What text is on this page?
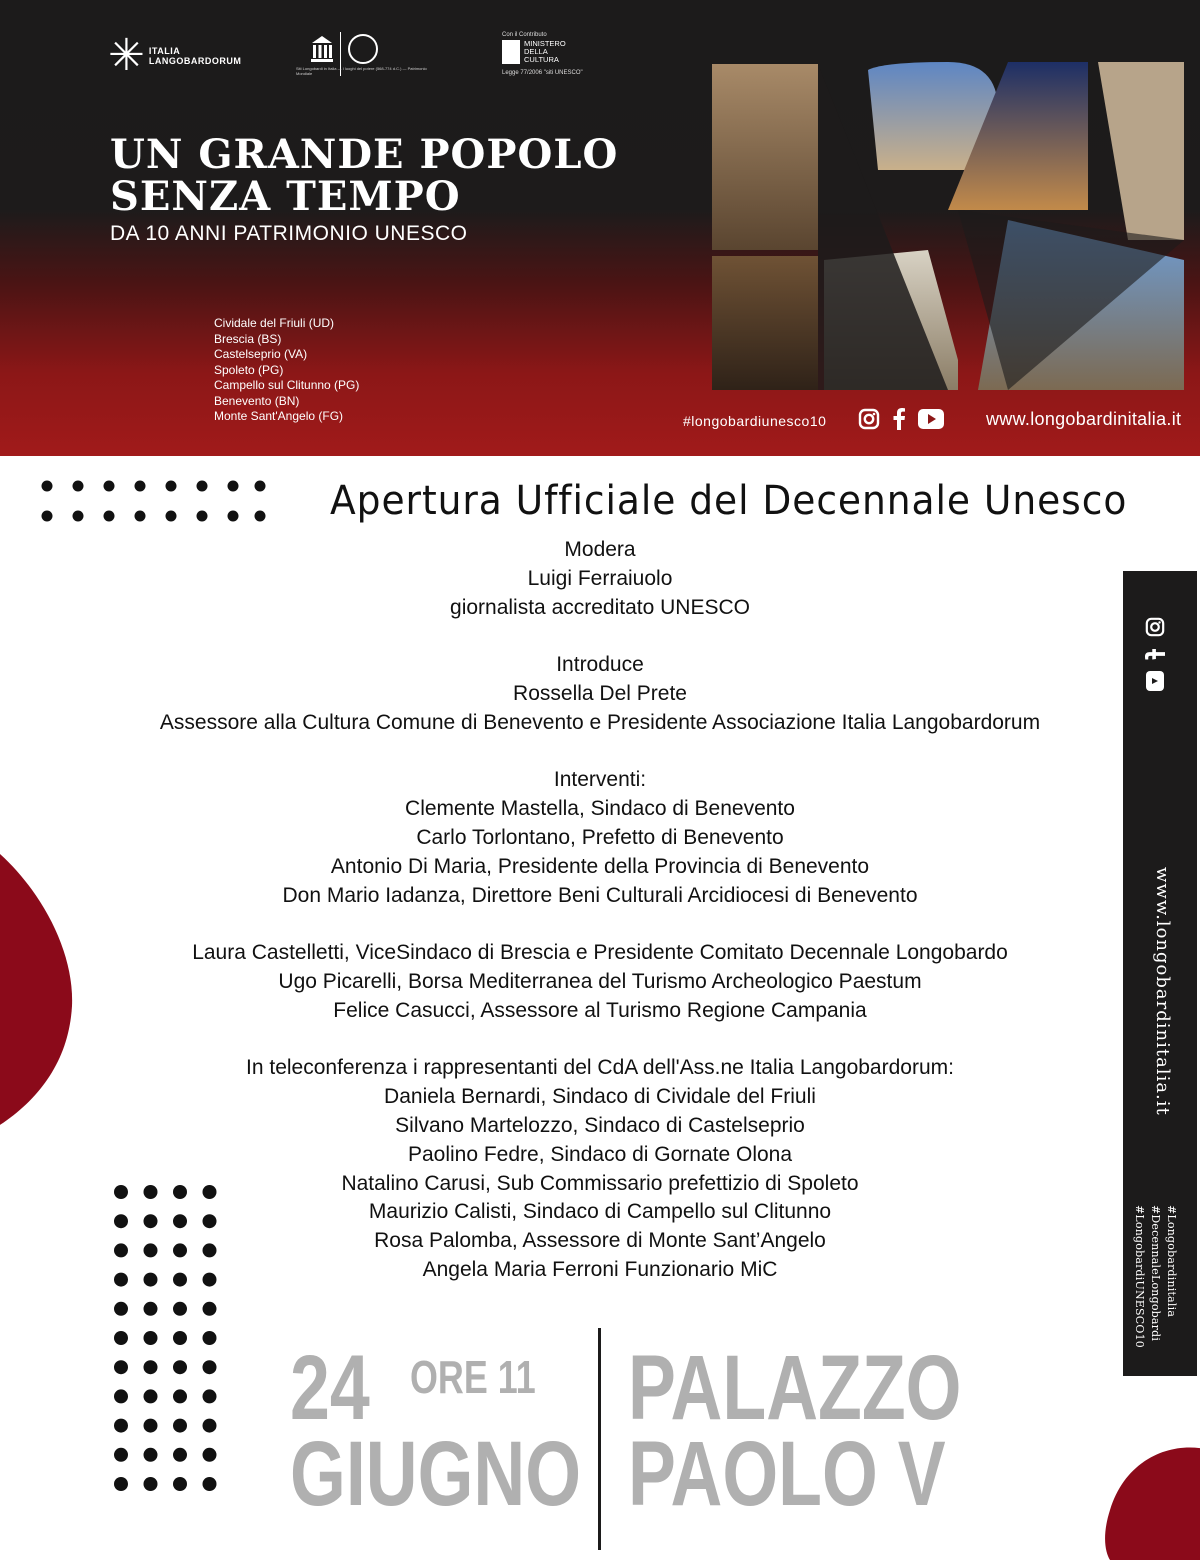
✳ ITALIA
LANGOBARDORUM
Siti Longobardi in Italia — I luoghi del potere (568-774 d.C.) — Patrimonio Mondiale
Con il Contributo
MINISTERO
DELLA
CULTURA
Legge 77/2006 "siti UNESCO"
UN GRANDE POPOLO
SENZA TEMPO
DA 10 ANNI PATRIMONIO UNESCO
Cividale del Friuli (UD)
Brescia (BS)
Castelseprio (VA)
Spoleto (PG)
Campello sul Clitunno (PG)
Benevento (BN)
Monte Sant'Angelo (FG)	#longobardiunesco10	www.longobardinitalia.it
Apertura Ufficiale del Decennale Unesco
Modera
Luigi Ferraiuolo
giornalista accreditato UNESCO
Introduce
Rossella Del Prete
Assessore alla Cultura Comune di Benevento e Presidente Associazione Italia Langobardorum
Interventi:
Clemente Mastella, Sindaco di Benevento
Carlo Torlontano, Prefetto di Benevento
Antonio Di Maria, Presidente della Provincia di Benevento
Don Mario Iadanza, Direttore Beni Culturali Arcidiocesi di Benevento
Laura Castelletti, ViceSindaco di Brescia e Presidente Comitato Decennale Longobardo
Ugo Picarelli, Borsa Mediterranea del Turismo Archeologico Paestum
Felice Casucci, Assessore al Turismo Regione Campania
In teleconferenza i rappresentanti del CdA dell'Ass.ne Italia Langobardorum:
Daniela Bernardi, Sindaco di Cividale del Friuli
Silvano Martelozzo, Sindaco di Castelseprio
Paolino Fedre, Sindaco di Gornate Olona
Natalino Carusi, Sub Commissario prefettizio di Spoleto
Maurizio Calisti, Sindaco di Campello sul Clitunno
Rosa Palomba, Assessore di Monte Sant’Angelo
Angela Maria Ferroni Funzionario MiC
www.longobardinitalia.it
#Longobardinitalia #DecennaleLongobardi #LongobardiUNESCO10
24 ORE 11
GIUGNO
PALAZZO
PAOLO V
